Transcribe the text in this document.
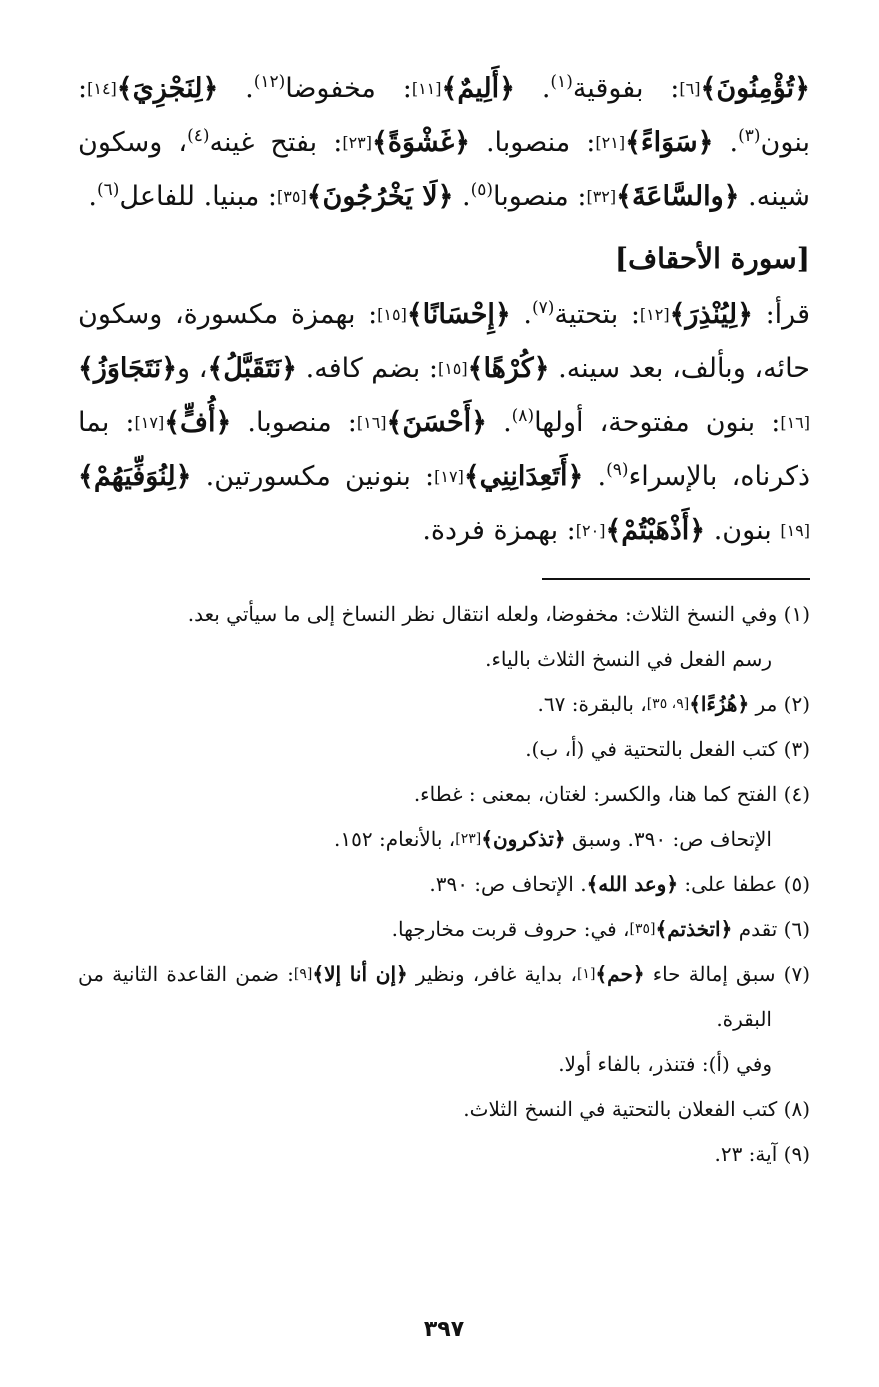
﴿تُؤْمِنُونَ﴾[٦]: بفوقية$^{(١)}$. ﴿أَلِيمٌ﴾[١١]: مخفوضا$^{(١٢)}$. ﴿لِنَجْزِيَ﴾[١٤]: بنون$^{(٣)}$. ﴿سَوَاءً﴾[٢١]: منصوبا. ﴿غَشْوَةً﴾[٢٣]: بفتح غينه$^{(٤)}$، وسكون شينه. ﴿والسَّاعَةَ﴾[٣٢]: منصوبا$^{(٥)}$. ﴿لَا يَخْرُجُونَ﴾[٣٥]: مبنيا. للفاعل$^{(٦)}$.

[سورة الأحقاف]

قرأ: ﴿لِيُنْذِرَ﴾[١٢]: بتحتية$^{(٧)}$. ﴿إِحْسَانًا﴾[١٥]: بهمزة مكسورة، وسكون حائه، وبألف، بعد سينه. ﴿كُرْهًا﴾[١٥]: بضم كافه. ﴿نَتَقَبَّلُ﴾، و﴿نَتَجَاوَزُ﴾[١٦]: بنون مفتوحة، أولها$^{(٨)}$. ﴿أَحْسَنَ﴾[١٦]: منصوبا. ﴿أُفٍّ﴾[١٧]: بما ذكرناه، بالإسراء$^{(٩)}$. ﴿أَتَعِدَانِنِي﴾[١٧]: بنونين مكسورتين. ﴿لِنُوَفِّيَهُمْ﴾[١٩] بنون. ﴿أَذْهَبْتُمْ﴾[٢٠]: بهمزة فردة.

(١) وفي النسخ الثلاث: مخفوضا، ولعله انتقال نظر النساخ إلى ما سيأتي بعد.
رسم الفعل في النسخ الثلاث بالياء.
(٢) مر ﴿هُزُءًا﴾[٩، ٣٥]، بالبقرة: ٦٧.
(٣) كتب الفعل بالتحتية في (أ، ب).
(٤) الفتح كما هنا، والكسر: لغتان، بمعنى : غطاء.
الإتحاف ص: ٣٩٠. وسبق ﴿تذكرون﴾[٢٣]، بالأنعام: ١٥٢.
(٥) عطفا على: ﴿وعد الله﴾. الإتحاف ص: ٣٩٠.
(٦) تقدم ﴿اتخذتم﴾[٣٥]، في: حروف قربت مخارجها.
(٧) سبق إمالة حاء ﴿حم﴾[١]، بداية غافر، ونظير ﴿إن أنا إلا﴾[٩]: ضمن القاعدة الثانية من البقرة.
وفي (أ): فتنذر، بالفاء أولا.
(٨) كتب الفعلان بالتحتية في النسخ الثلاث.
(٩) آية: ٢٣.
٣٩٧
